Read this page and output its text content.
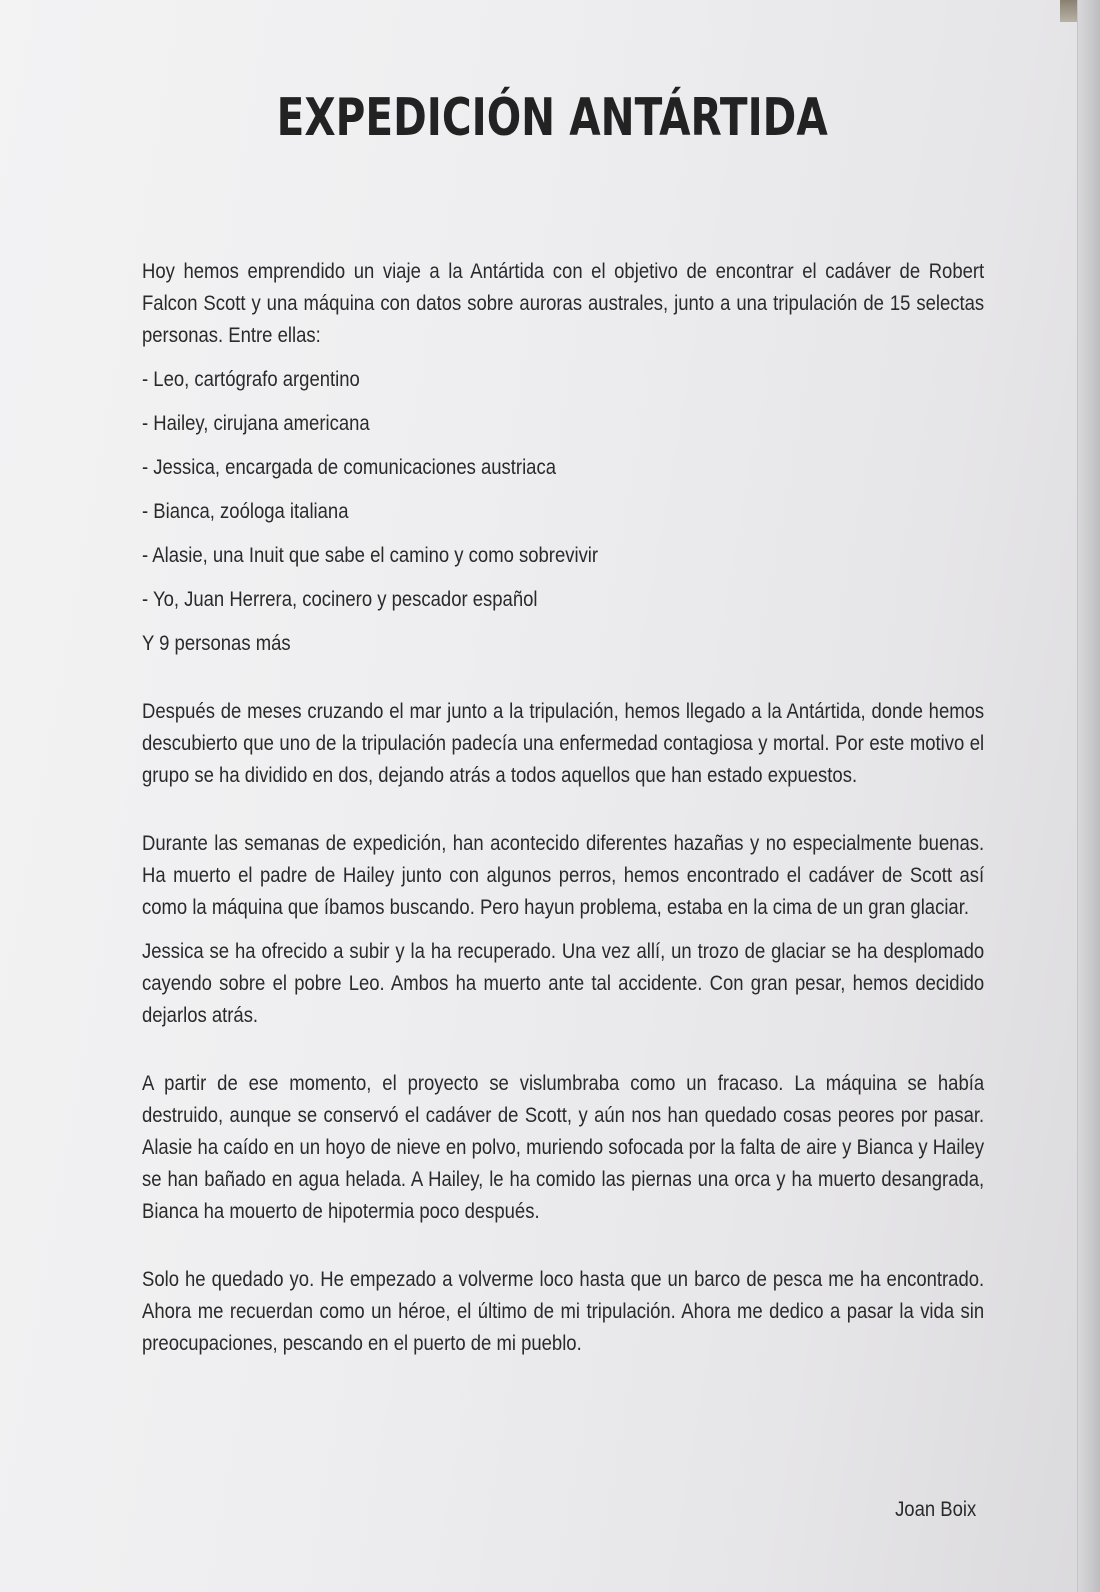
EXPEDICIÓN ANTÁRTIDA

Hoy hemos emprendido un viaje a la Antártida con el objetivo de encontrar el cadáver de Robert Falcon Scott y una máquina con datos sobre auroras australes, junto a una tripulación de 15 selectas personas. Entre ellas:

- Leo, cartógrafo argentino

- Hailey, cirujana americana

- Jessica, encargada de comunicaciones austriaca

- Bianca, zoóloga italiana

- Alasie, una Inuit que sabe el camino y como sobrevivir

- Yo, Juan Herrera, cocinero y pescador español

Y 9 personas más

Después de meses cruzando el mar junto a la tripulación, hemos llegado a la Antártida, donde hemos descubierto que uno de la tripulación padecía una enfermedad contagiosa y mortal. Por este motivo el grupo se ha dividido en dos, dejando atrás a todos aquellos que han estado expuestos.

Durante las semanas de expedición, han acontecido diferentes hazañas y no especialmente buenas. Ha muerto el padre de Hailey junto con algunos perros, hemos encontrado el cadáver de Scott así como la máquina que íbamos buscando. Pero hayun problema, estaba en la cima de un gran glaciar.

Jessica se ha ofrecido a subir y la ha recuperado. Una vez allí, un trozo de glaciar se ha desplomado cayendo sobre el pobre Leo. Ambos ha muerto ante tal accidente. Con gran pesar, hemos decidido dejarlos atrás.

A partir de ese momento, el proyecto se vislumbraba como un fracaso. La máquina se había destruido, aunque se conservó el cadáver de Scott, y aún nos han quedado cosas peores por pasar. Alasie ha caído en un hoyo de nieve en polvo, muriendo sofocada por la falta de aire y Bianca y Hailey se han bañado en agua helada. A Hailey, le ha comido las piernas una orca y ha muerto desangrada, Bianca ha mouerto de hipotermia poco después.

Solo he quedado yo. He empezado a volverme loco hasta que un barco de pesca me ha encontrado. Ahora me recuerdan como un héroe, el último de mi tripulación. Ahora me dedico a pasar la vida sin preocupaciones, pescando en el puerto de mi pueblo.

Joan Boix
